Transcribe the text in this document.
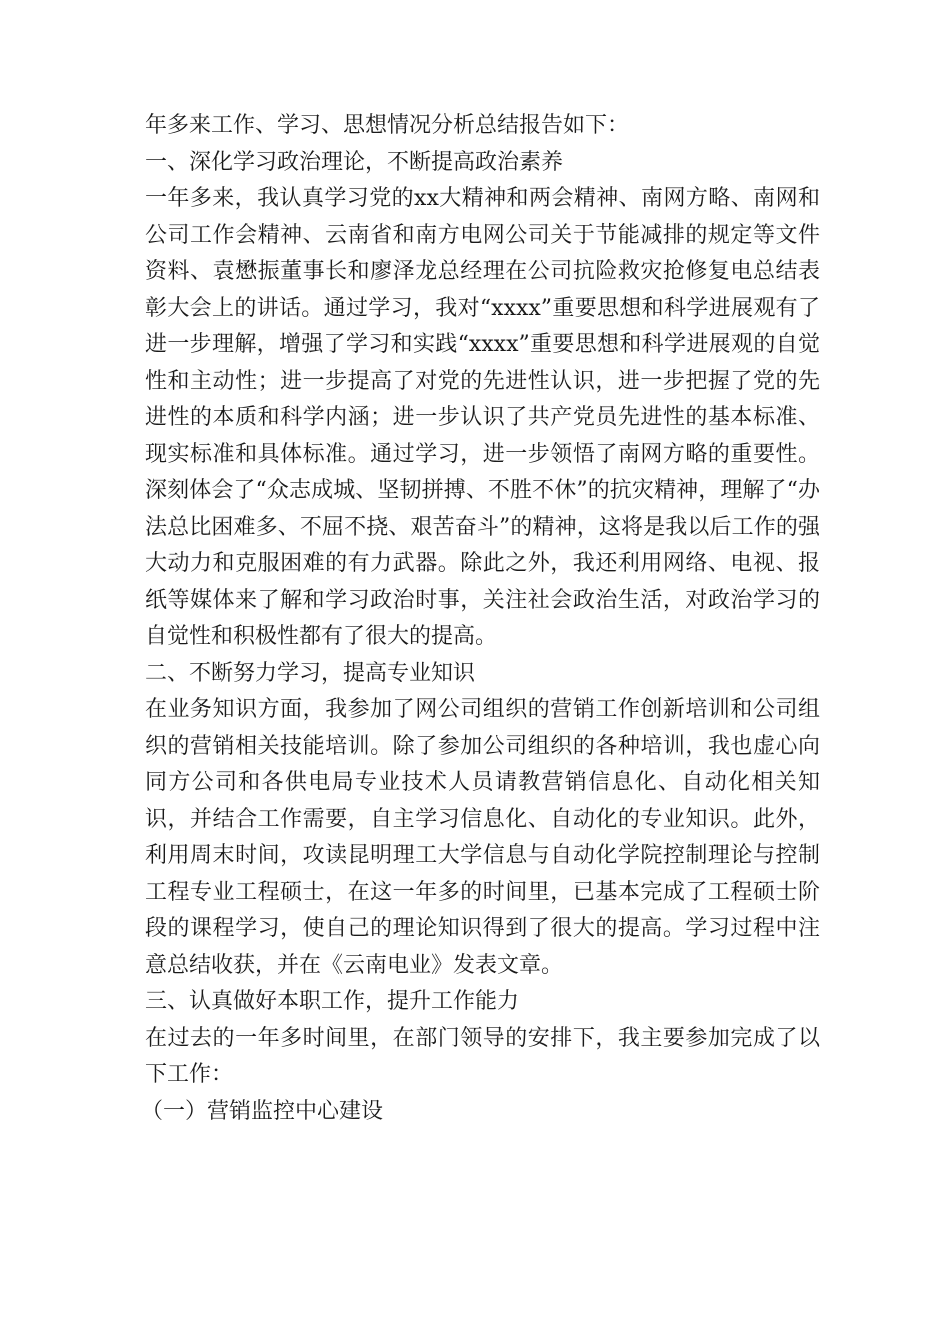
年多来工作、学习、思想情况分析总结报告如下：

一、深化学习政治理论，不断提高政治素养

一年多来，我认真学习党的xx大精神和两会精神、南网方略、南网和公司工作会精神、云南省和南方电网公司关于节能减排的规定等文件资料、袁懋振董事长和廖泽龙总经理在公司抗险救灾抢修复电总结表彰大会上的讲话。通过学习，我对“xxxx”重要思想和科学进展观有了进一步理解，增强了学习和实践“xxxx”重要思想和科学进展观的自觉性和主动性；进一步提高了对党的先进性认识，进一步把握了党的先进性的本质和科学内涵；进一步认识了共产党员先进性的基本标准、现实标准和具体标准。通过学习，进一步领悟了南网方略的重要性。深刻体会了“众志成城、坚韧拼搏、不胜不休”的抗灾精神，理解了“办法总比困难多、不屈不挠、艰苦奋斗”的精神，这将是我以后工作的强大动力和克服困难的有力武器。除此之外，我还利用网络、电视、报纸等媒体来了解和学习政治时事，关注社会政治生活，对政治学习的自觉性和积极性都有了很大的提高。

二、不断努力学习，提高专业知识

在业务知识方面，我参加了网公司组织的营销工作创新培训和公司组织的营销相关技能培训。除了参加公司组织的各种培训，我也虚心向同方公司和各供电局专业技术人员请教营销信息化、自动化相关知识，并结合工作需要，自主学习信息化、自动化的专业知识。此外，利用周末时间，攻读昆明理工大学信息与自动化学院控制理论与控制工程专业工程硕士，在这一年多的时间里，已基本完成了工程硕士阶段的课程学习，使自己的理论知识得到了很大的提高。学习过程中注意总结收获，并在《云南电业》发表文章。

三、认真做好本职工作，提升工作能力

在过去的一年多时间里，在部门领导的安排下，我主要参加完成了以下工作：

（一）营销监控中心建设
